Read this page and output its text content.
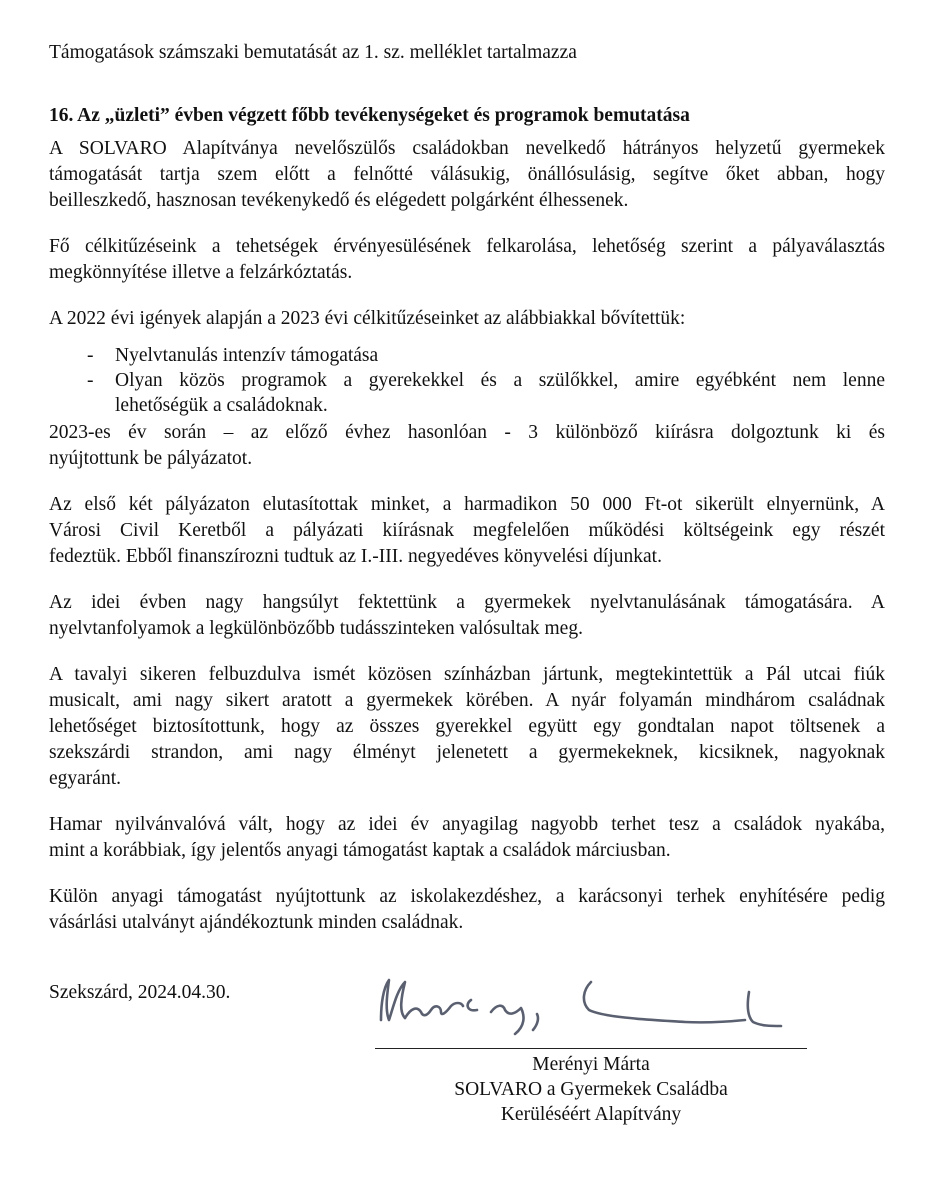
Támogatások számszaki bemutatását az 1. sz. melléklet tartalmazza
16. Az „üzleti” évben végzett főbb tevékenységeket és programok bemutatása
A SOLVARO Alapítványa nevelőszülős családokban nevelkedő hátrányos helyzetű gyermekek
támogatását tartja szem előtt a felnőtté válásukig, önállósulásig, segítve őket abban, hogy
beilleszkedő, hasznosan tevékenykedő és elégedett polgárként élhessenek.
Fő célkitűzéseink a tehetségek érvényesülésének felkarolása, lehetőség szerint a pályaválasztás
megkönnyítése illetve a felzárkóztatás.
A 2022 évi igények alapján a 2023 évi célkitűzéseinket az alábbiakkal bővítettük:
- Nyelvtanulás intenzív támogatása
- Olyan közös programok a gyerekekkel és a szülőkkel, amire egyébként nem lenne
lehetőségük a családoknak.
2023-es év során – az előző évhez hasonlóan - 3 különböző kiírásra dolgoztunk ki és
nyújtottunk be pályázatot.
Az első két pályázaton elutasítottak minket, a harmadikon 50 000 Ft-ot sikerült elnyernünk, A
Városi Civil Keretből a pályázati kiírásnak megfelelően működési költségeink egy részét
fedeztük. Ebből finanszírozni tudtuk az I.-III. negyedéves könyvelési díjunkat.
Az idei évben nagy hangsúlyt fektettünk a gyermekek nyelvtanulásának támogatására. A
nyelvtanfolyamok a legkülönbözőbb tudásszinteken valósultak meg.
A tavalyi sikeren felbuzdulva ismét közösen színházban jártunk, megtekintettük a Pál utcai fiúk
musicalt, ami nagy sikert aratott a gyermekek körében. A nyár folyamán mindhárom családnak
lehetőséget biztosítottunk, hogy az összes gyerekkel együtt egy gondtalan napot töltsenek a
szekszárdi strandon, ami nagy élményt jelenetett a gyermekeknek, kicsiknek, nagyoknak
egyaránt.
Hamar nyilvánvalóvá vált, hogy az idei év anyagilag nagyobb terhet tesz a családok nyakába,
mint a korábbiak, így jelentős anyagi támogatást kaptak a családok márciusban.
Külön anyagi támogatást nyújtottunk az iskolakezdéshez, a karácsonyi terhek enyhítésére pedig
vásárlási utalványt ajándékoztunk minden családnak.
Szekszárd, 2024.04.30.
Merényi Márta
SOLVARO a Gyermekek Családba
Kerüléséért Alapítvány
